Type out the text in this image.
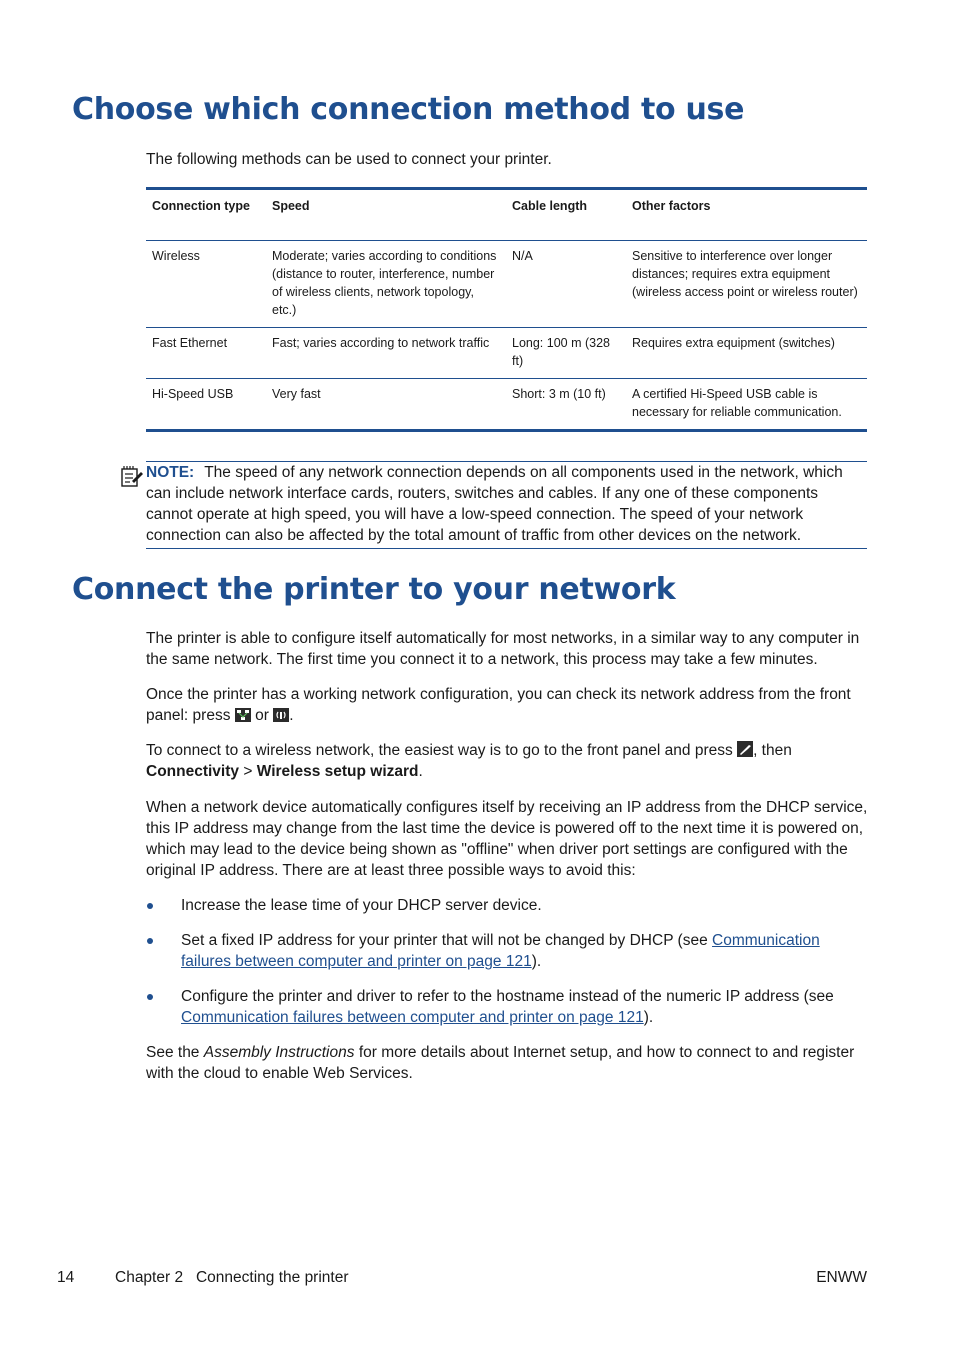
Choose which connection method to use

The following methods can be used to connect your printer.

Connection type	Speed	Cable length	Other factors
Wireless	Moderate; varies according to conditions (distance to router, interference, number of wireless clients, network topology, etc.)	N/A	Sensitive to interference over longer distances; requires extra equipment (wireless access point or wireless router)
Fast Ethernet	Fast; varies according to network traffic	Long: 100 m (328 ft)	Requires extra equipment (switches)
Hi-Speed USB	Very fast	Short: 3 m (10 ft)	A certified Hi-Speed USB cable is necessary for reliable communication.
NOTE: The speed of any network connection depends on all components used in the network, which can include network interface cards, routers, switches and cables. If any one of these components cannot operate at high speed, you will have a low-speed connection. The speed of your network connection can also be affected by the total amount of traffic from other devices on the network.
Connect the printer to your network

The printer is able to configure itself automatically for most networks, in a similar way to any computer in the same network. The first time you connect it to a network, this process may take a few minutes.

Once the printer has a working network configuration, you can check its network address from the front panel: press or .

To connect to a wireless network, the easiest way is to go to the front panel and press , then
Connectivity > Wireless setup wizard.

When a network device automatically configures itself by receiving an IP address from the DHCP service, this IP address may change from the last time the device is powered off to the next time it is powered on, which may lead to the device being shown as "offline" when driver port settings are configured with the original IP address. There are at least three possible ways to avoid this:

Increase the lease time of your DHCP server device.
Set a fixed IP address for your printer that will not be changed by DHCP (see Communication failures between computer and printer on page 121).
Configure the printer and driver to refer to the hostname instead of the numeric IP address (see Communication failures between computer and printer on page 121).

See the Assembly Instructions for more details about Internet setup, and how to connect to and register with the cloud to enable Web Services.

14	Chapter 2   Connecting the printer	ENWW
